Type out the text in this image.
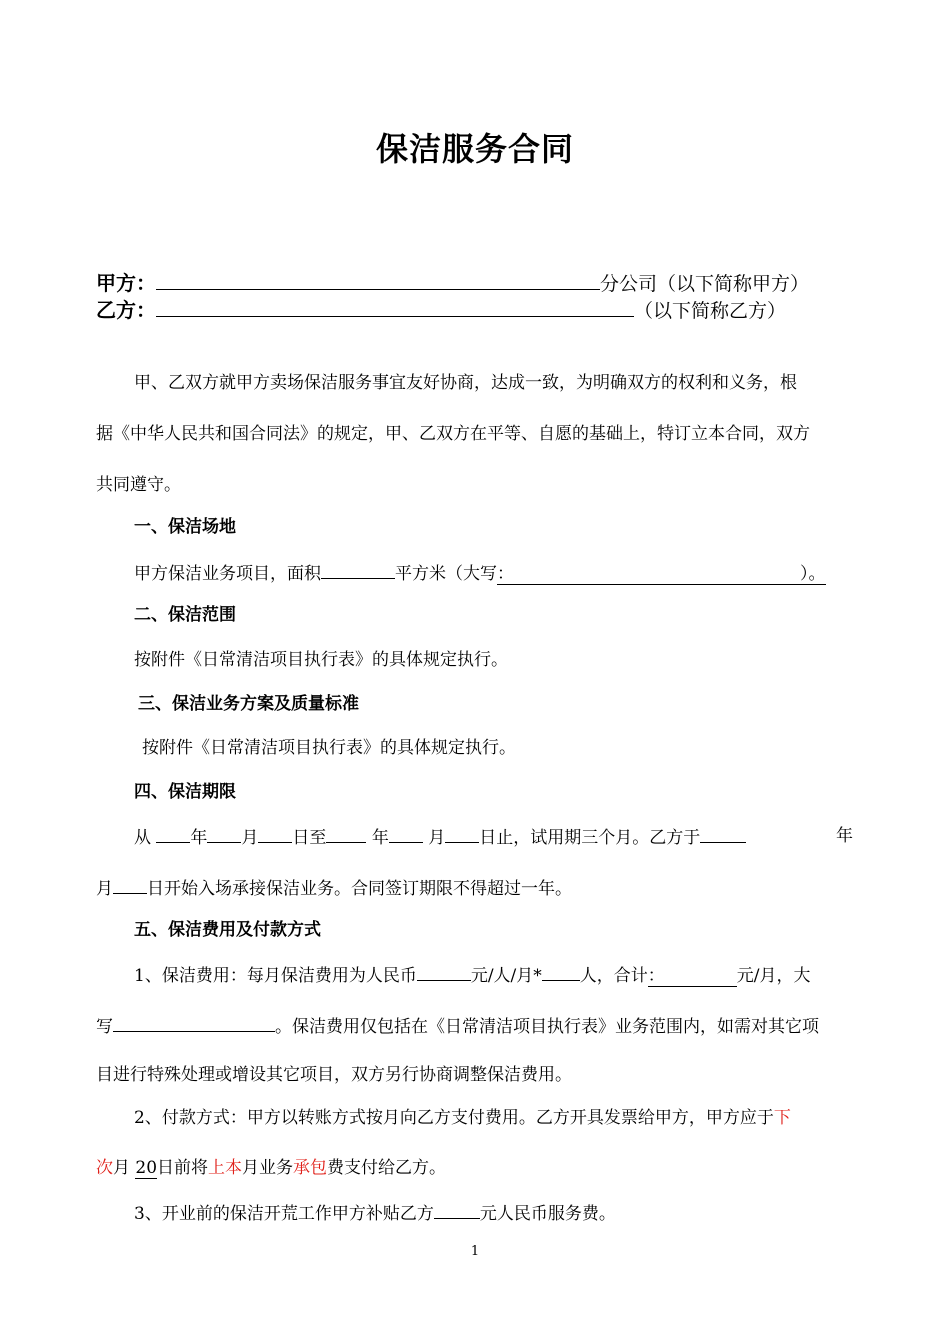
保洁服务合同
甲方：	分公司（以下简称甲方）
乙方：	（以下简称乙方）
甲、乙双方就甲方卖场保洁服务事宜友好协商，达成一致，为明确双方的权利和义务，根
据《中华人民共和国合同法》的规定，甲、乙双方在平等、自愿的基础上，特订立本合同，双方
共同遵守。
一、保洁场地
甲方保洁业务项目，面积	平方米（大写：	）。
二、保洁范围
按附件《日常清洁项目执行表》的具体规定执行。
三、保洁业务方案及质量标准
按附件《日常清洁项目执行表》的具体规定执行。
四、保洁期限
从 年 月 日至	年 月 日止，试用期三个月。乙方于	年
月 日开始入场承接保洁业务。合同签订期限不得超过一年。
五、保洁费用及付款方式
1、保洁费用：每月保洁费用为人民币	元/人/月* 人，合计：	元/月，大
写	。保洁费用仅包括在《日常清洁项目执行表》业务范围内，如需对其它项
目进行特殊处理或增设其它项目，双方另行协商调整保洁费用。
2、付款方式：甲方以转账方式按月向乙方支付费用。乙方开具发票给甲方，甲方应于下
次月 20日前将上本月业务承包费支付给乙方。
3、开业前的保洁开荒工作甲方补贴乙方	元人民币服务费。
1
